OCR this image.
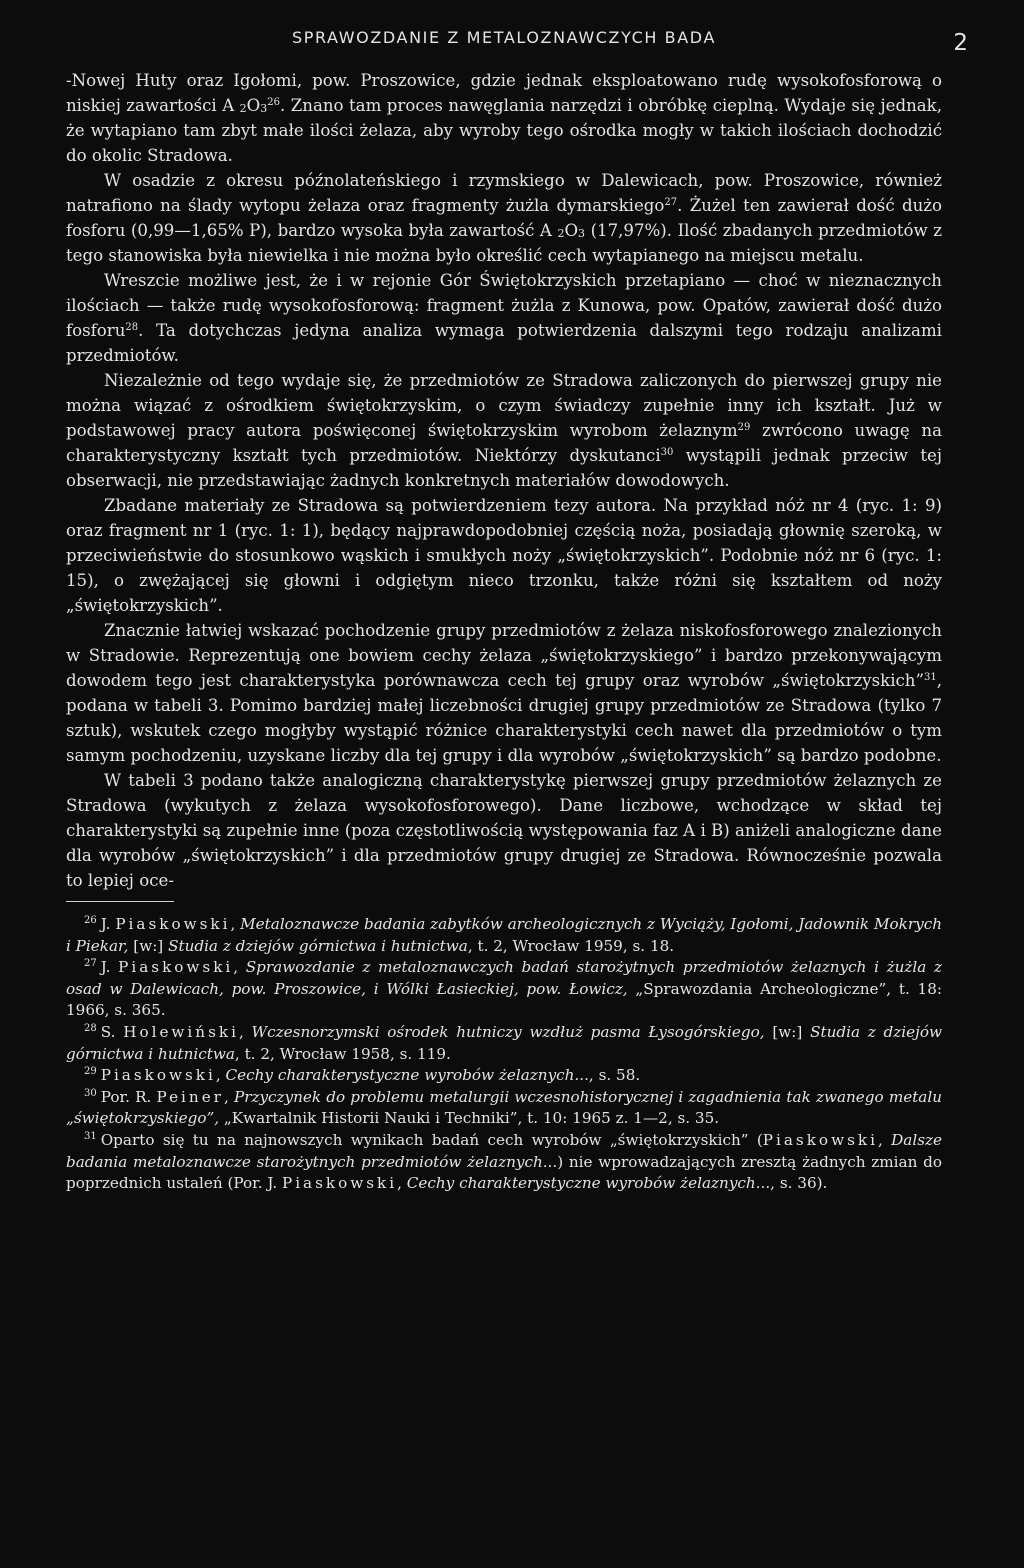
SPRAWOZDANIE Z METALOZNAWCZYCH BADA	2

-Nowej Huty oraz Igołomi, pow. Proszowice, gdzie jednak eksploatowano rudę wysokofosforową o niskiej zawartości A $_2O_3^{26}$. Znano tam proces nawęglania narzędzi i obróbkę cieplną. Wydaje się jednak, że wytapiano tam zbyt małe ilości żelaza, aby wyroby tego ośrodka mogły w takich ilościach dochodzić do okolic Stradowa.

W osadzie z okresu późnolateńskiego i rzymskiego w Dalewicach, pow. Proszowice, również natrafiono na ślady wytopu żelaza oraz fragmenty żużla dymarskiego$^{27}$. Żużel ten zawierał dość dużo fosforu (0,99—1,65% P), bardzo wysoka była zawartość A $_2O_3$ (17,97%). Ilość zbadanych przedmiotów z tego stanowiska była niewielka i nie można było określić cech wytapianego na miejscu metalu.

Wreszcie możliwe jest, że i w rejonie Gór Świętokrzyskich przetapiano — choć w nieznacznych ilościach — także rudę wysokofosforową: fragment żużla z Kunowa, pow. Opatów, zawierał dość dużo fosforu$^{28}$. Ta dotychczas jedyna analiza wymaga potwierdzenia dalszymi tego rodzaju analizami przedmiotów.

Niezależnie od tego wydaje się, że przedmiotów ze Stradowa zaliczonych do pierwszej grupy nie można wiązać z ośrodkiem świętokrzyskim, o czym świadczy zupełnie inny ich kształt. Już w podstawowej pracy autora poświęconej świętokrzyskim wyrobom żelaznym$^{29}$ zwrócono uwagę na charakterystyczny kształt tych przedmiotów. Niektórzy dyskutanci$^{30}$ wystąpili jednak przeciw tej obserwacji, nie przedstawiając żadnych konkretnych materiałów dowodowych.

Zbadane materiały ze Stradowa są potwierdzeniem tezy autora. Na przykład nóż nr 4 (ryc. 1: 9) oraz fragment nr 1 (ryc. 1: 1), będący najprawdopodobniej częścią noża, posiadają głownię szeroką, w przeciwieństwie do stosunkowo wąskich i smukłych noży „świętokrzyskich”. Podobnie nóż nr 6 (ryc. 1: 15), o zwężającej się głowni i odgiętym nieco trzonku, także różni się kształtem od noży „świętokrzyskich”.

Znacznie łatwiej wskazać pochodzenie grupy przedmiotów z żelaza niskofosforowego znalezionych w Stradowie. Reprezentują one bowiem cechy żelaza „świętokrzyskiego” i bardzo przekonywającym dowodem tego jest charakterystyka porównawcza cech tej grupy oraz wyrobów „świętokrzyskich”$^{31}$, podana w tabeli 3. Pomimo bardziej małej liczebności drugiej grupy przedmiotów ze Stradowa (tylko 7 sztuk), wskutek czego mogłyby wystąpić różnice charakterystyki cech nawet dla przedmiotów o tym samym pochodzeniu, uzyskane liczby dla tej grupy i dla wyrobów „świętokrzyskich” są bardzo podobne.

W tabeli 3 podano także analogiczną charakterystykę pierwszej grupy przedmiotów żelaznych ze Stradowa (wykutych z żelaza wysokofosforowego). Dane liczbowe, wchodzące w skład tej charakterystyki są zupełnie inne (poza częstotliwością występowania faz A i B) aniżeli analogiczne dane dla wyrobów „świętokrzyskich” i dla przedmiotów grupy drugiej ze Stradowa. Równocześnie pozwala to lepiej oce-

$^{26}$ J. Piaskowski, Metaloznawcze badania zabytków archeologicznych z Wyciąży, Igołomi, Jadownik Mokrych i Piekar, [w:] Studia z dziejów górnictwa i hutnictwa, t. 2, Wrocław 1959, s. 18.

$^{27}$ J. Piaskowski, Sprawozdanie z metaloznawczych badań starożytnych przedmiotów żelaznych i żużla z osad w Dalewicach, pow. Proszowice, i Wólki Łasieckiej, pow. Łowicz, „Sprawozdania Archeologiczne”, t. 18: 1966, s. 365.

$^{28}$ S. Holewiński, Wczesnorzymski ośrodek hutniczy wzdłuż pasma Łysogórskiego, [w:] Studia z dziejów górnictwa i hutnictwa, t. 2, Wrocław 1958, s. 119.

$^{29}$ Piaskowski, Cechy charakterystyczne wyrobów żelaznych..., s. 58.

$^{30}$ Por. R. Peiner, Przyczynek do problemu metalurgii wczesnohistorycznej i zagadnienia tak zwanego metalu „świętokrzyskiego”, „Kwartalnik Historii Nauki i Techniki”, t. 10: 1965 z. 1—2, s. 35.

$^{31}$ Oparto się tu na najnowszych wynikach badań cech wyrobów „świętokrzyskich” (Piaskowski, Dalsze badania metaloznawcze starożytnych przedmiotów żelaznych...) nie wprowadzających zresztą żadnych zmian do poprzednich ustaleń (Por. J. Piaskowski, Cechy charakterystyczne wyrobów żelaznych..., s. 36).
